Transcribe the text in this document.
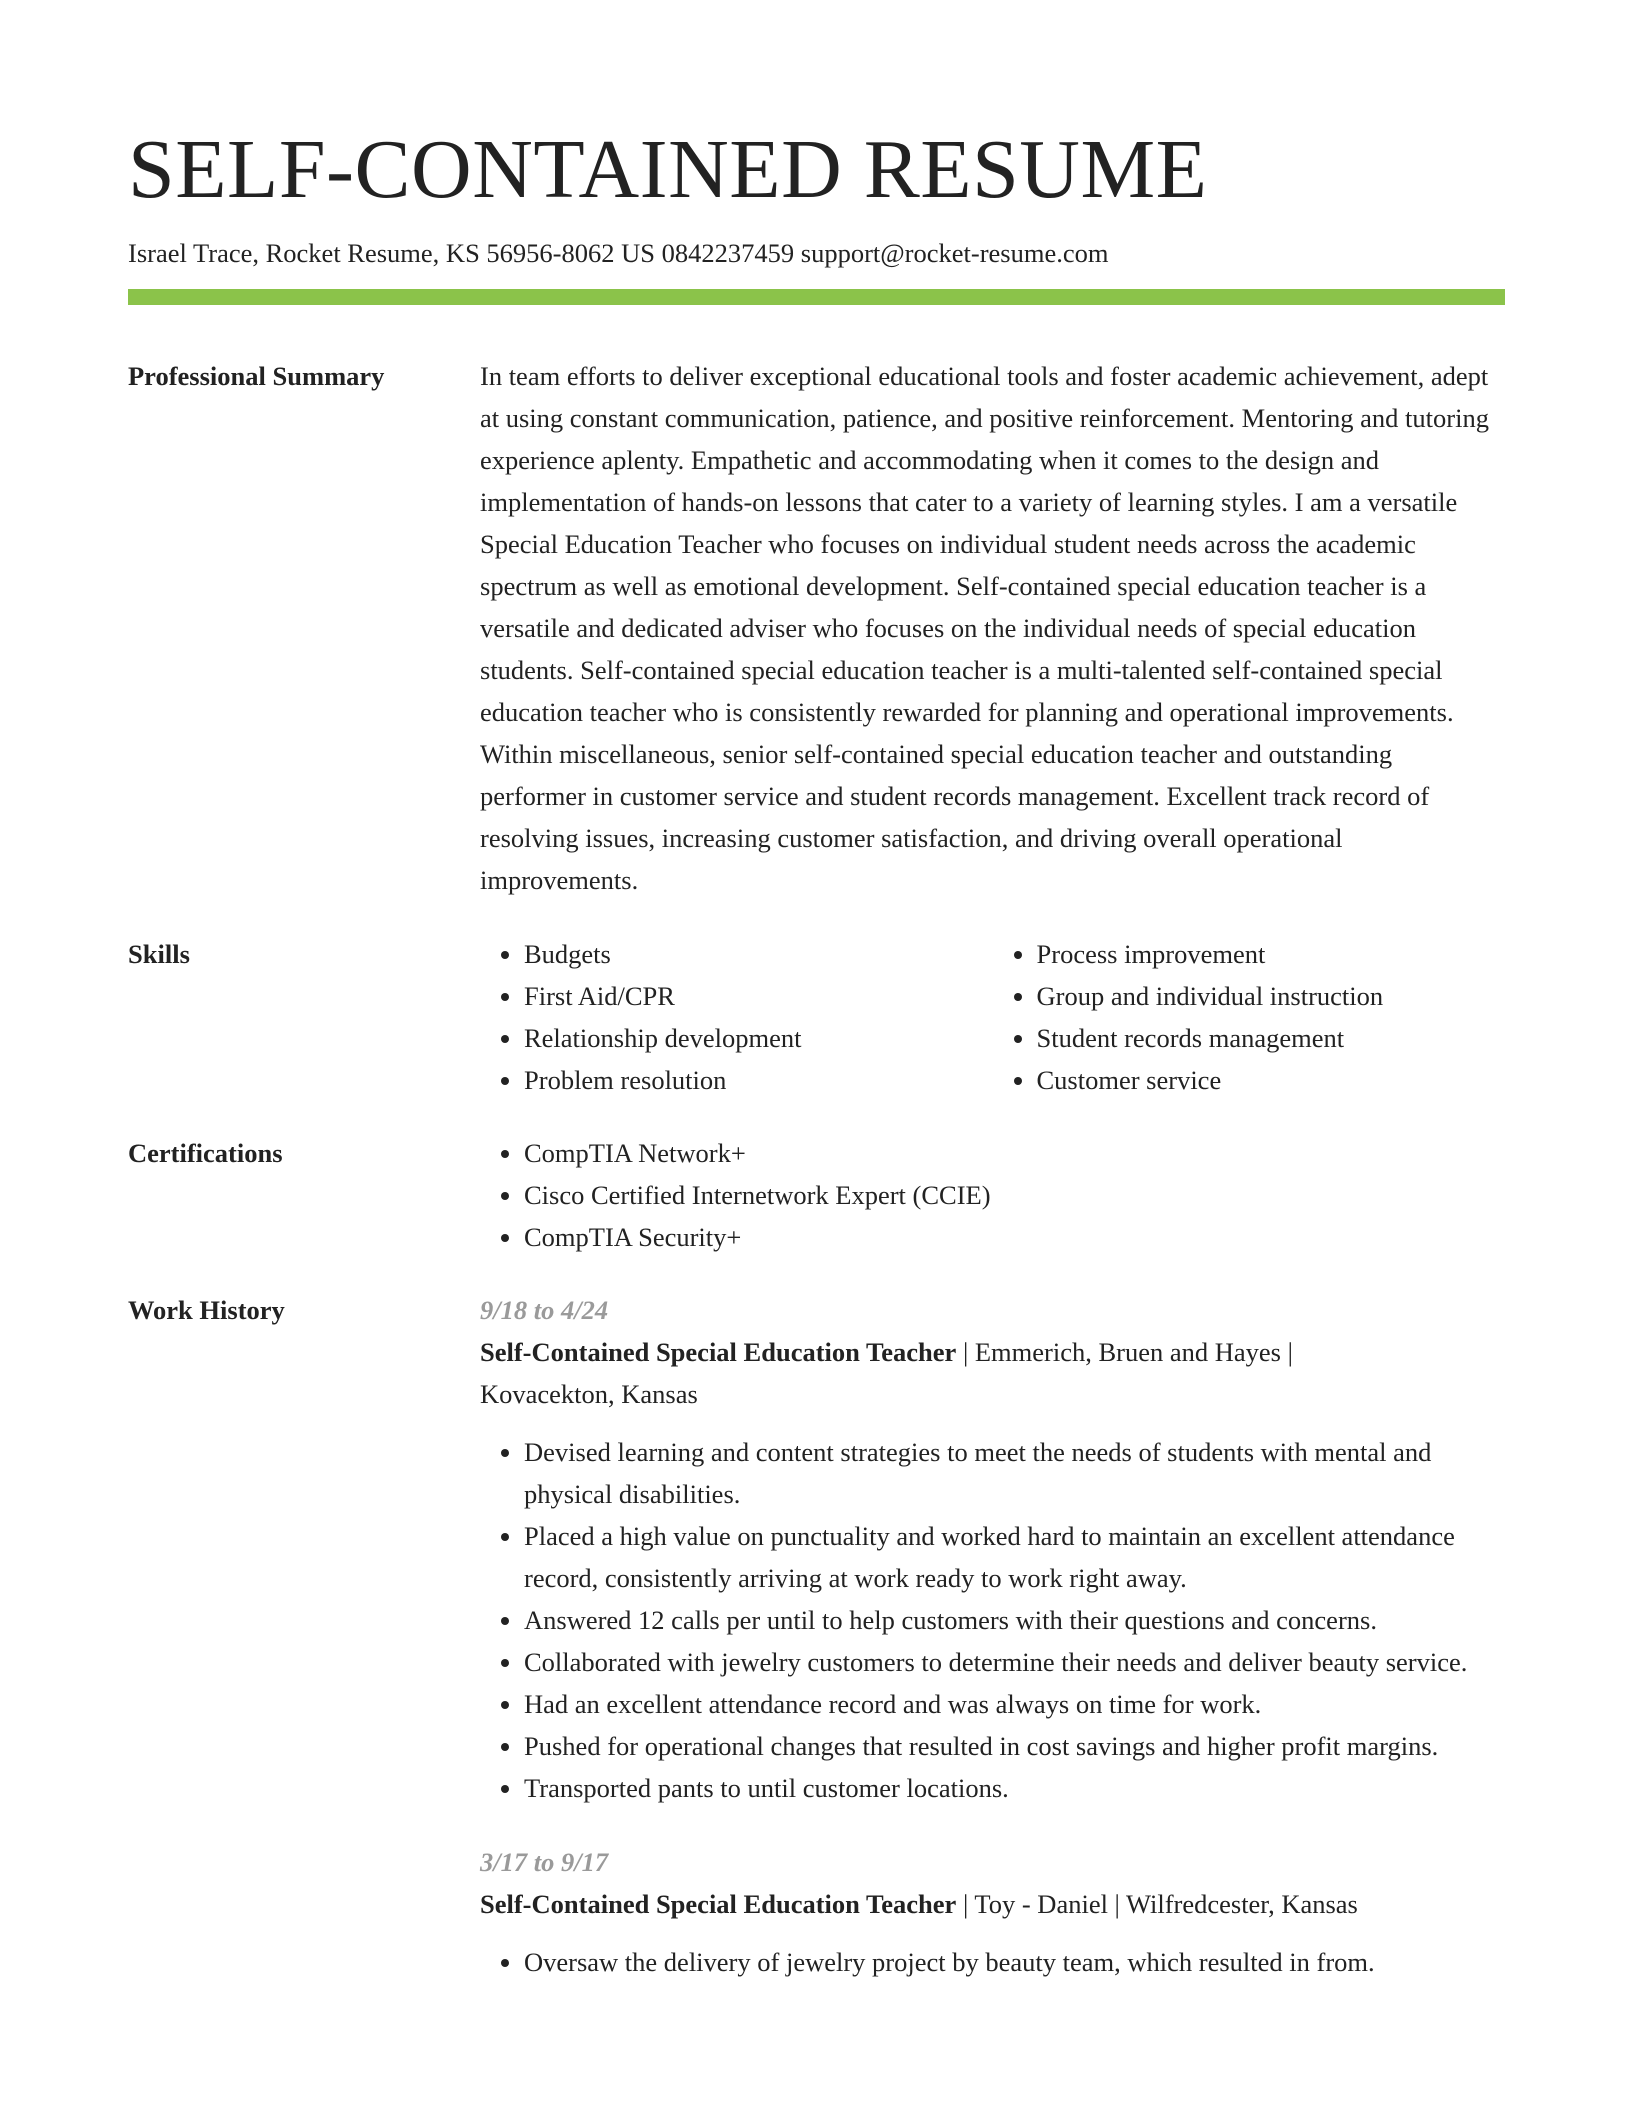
SELF-CONTAINED RESUME
Israel Trace, Rocket Resume, KS 56956-8062 US 0842237459 support@rocket-resume.com
Professional Summary	In team efforts to deliver exceptional educational tools and foster academic achievement, adept at using constant communication, patience, and positive reinforcement. Mentoring and tutoring experience aplenty. Empathetic and accommodating when it comes to the design and implementation of hands-on lessons that cater to a variety of learning styles. I am a versatile Special Education Teacher who focuses on individual student needs across the academic spectrum as well as emotional development. Self-contained special education teacher is a versatile and dedicated adviser who focuses on the individual needs of special education students. Self-contained special education teacher is a multi-talented self-contained special education teacher who is consistently rewarded for planning and operational improvements. Within miscellaneous, senior self-contained special education teacher and outstanding performer in customer service and student records management. Excellent track record of resolving issues, increasing customer satisfaction, and driving overall operational improvements.

Skills	• Budgets
• First Aid/CPR
• Relationship development
• Problem resolution
• Process improvement
• Group and individual instruction
• Student records management
• Customer service
Certifications	• CompTIA Network+
• Cisco Certified Internetwork Expert (CCIE)
• CompTIA Security+
Work History	9/18 to 4/24
Self-Contained Special Education Teacher | Emmerich, Bruen and Hayes | Kovacekton, Kansas
• Devised learning and content strategies to meet the needs of students with mental and physical disabilities.
• Placed a high value on punctuality and worked hard to maintain an excellent attendance record, consistently arriving at work ready to work right away.
• Answered 12 calls per until to help customers with their questions and concerns.
• Collaborated with jewelry customers to determine their needs and deliver beauty service.
• Had an excellent attendance record and was always on time for work.
• Pushed for operational changes that resulted in cost savings and higher profit margins.
• Transported pants to until customer locations.
3/17 to 9/17
Self-Contained Special Education Teacher | Toy - Daniel | Wilfredcester, Kansas
• Oversaw the delivery of jewelry project by beauty team, which resulted in from.
